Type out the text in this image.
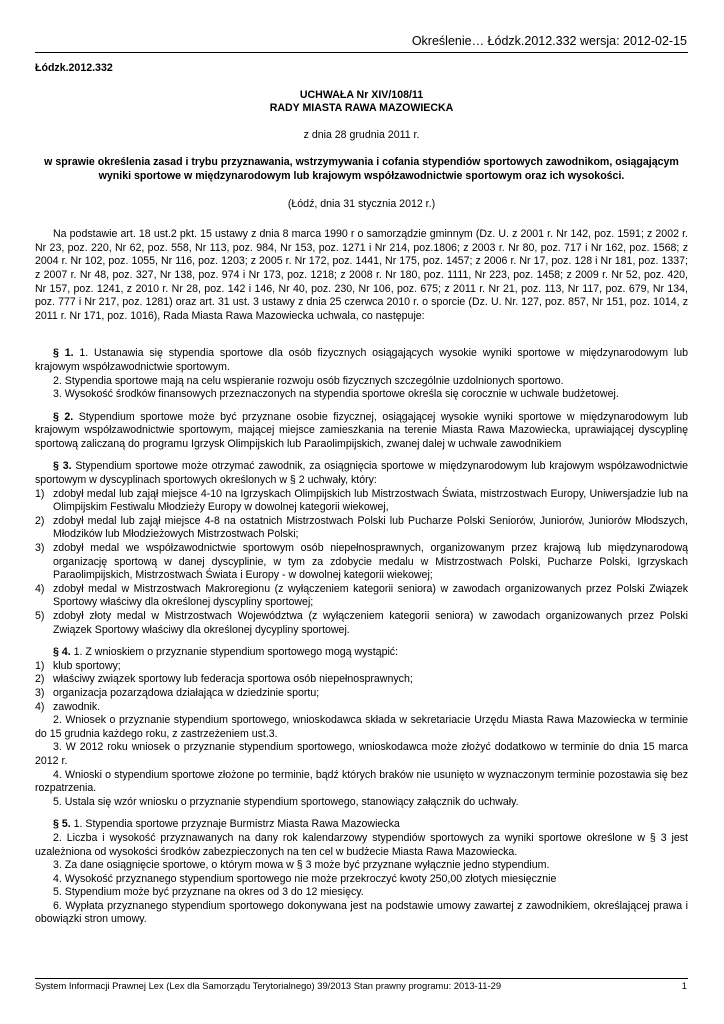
Określenie… Łódzk.2012.332 wersja: 2012-02-15

Łódzk.2012.332

UCHWAŁA Nr XIV/108/11

RADY MIASTA RAWA MAZOWIECKA

z dnia 28 grudnia 2011 r.

w sprawie określenia zasad i trybu przyznawania, wstrzymywania i cofania stypendiów sportowych zawodnikom, osiągającym wyniki sportowe w międzynarodowym lub krajowym współzawodnictwie sportowym oraz ich wysokości.

(Łódź, dnia 31 stycznia 2012 r.)

Na podstawie art. 18 ust.2 pkt. 15 ustawy z dnia 8 marca 1990 r o samorządzie gminnym (Dz. U. z 2001 r. Nr 142, poz. 1591; z 2002 r. Nr 23, poz. 220, Nr 62, poz. 558, Nr 113, poz. 984, Nr 153, poz. 1271 i Nr 214, poz.1806; z 2003 r. Nr 80, poz. 717 i Nr 162, poz. 1568; z 2004 r. Nr 102, poz. 1055, Nr 116, poz. 1203; z 2005 r. Nr 172, poz. 1441, Nr 175, poz. 1457; z 2006 r. Nr 17, poz. 128 i Nr 181, poz. 1337; z 2007 r. Nr 48, poz. 327, Nr 138, poz. 974 i Nr 173, poz. 1218; z 2008 r. Nr 180, poz. 1111, Nr 223, poz. 1458; z 2009 r. Nr 52, poz. 420, Nr 157, poz. 1241, z 2010 r. Nr 28, poz. 142 i 146, Nr 40, poz. 230, Nr 106, poz. 675; z 2011 r. Nr 21, poz. 113, Nr 117, poz. 679, Nr 134, poz. 777 i Nr 217, poz. 1281) oraz art. 31 ust. 3 ustawy z dnia 25 czerwca 2010 r. o sporcie (Dz. U. Nr. 127, poz. 857, Nr 151, poz. 1014, z 2011 r. Nr 171, poz. 1016), Rada Miasta Rawa Mazowiecka uchwala, co następuje:

§ 1. 1. Ustanawia się stypendia sportowe dla osób fizycznych osiągających wysokie wyniki sportowe w międzynarodowym lub krajowym współzawodnictwie sportowym.

2. Stypendia sportowe mają na celu wspieranie rozwoju osób fizycznych szczególnie uzdolnionych sportowo.

3. Wysokość środków finansowych przeznaczonych na stypendia sportowe określa się corocznie w uchwale budżetowej.

§ 2. Stypendium sportowe może być przyznane osobie fizycznej, osiągającej wysokie wyniki sportowe w międzynarodowym lub krajowym współzawodnictwie sportowym, mającej miejsce zamieszkania na terenie Miasta Rawa Mazowiecka, uprawiającej dyscyplinę sportową zaliczaną do programu Igrzysk Olimpijskich lub Paraolimpijskich, zwanej dalej w uchwale zawodnikiem

§ 3. Stypendium sportowe może otrzymać zawodnik, za osiągnięcia sportowe w międzynarodowym lub krajowym współzawodnictwie sportowym w dyscyplinach sportowych określonych w § 2 uchwały, który:

1) zdobył medal lub zajął miejsce 4-10 na Igrzyskach Olimpijskich lub Mistrzostwach Świata, mistrzostwach Europy, Uniwersjadzie lub na Olimpijskim Festiwalu Młodzieży Europy w dowolnej kategorii wiekowej,
2) zdobył medal lub zajął miejsce 4-8 na ostatnich Mistrzostwach Polski lub Pucharze Polski Seniorów, Juniorów, Juniorów Młodszych, Młodzików lub Młodzieżowych Mistrzostwach Polski;
3) zdobył medal we współzawodnictwie sportowym osób niepełnosprawnych, organizowanym przez krajową lub międzynarodową organizację sportową w danej dyscyplinie, w tym za zdobycie medalu w Mistrzostwach Polski, Pucharze Polski, Igrzyskach Paraolimpijskich, Mistrzostwach Świata i Europy - w dowolnej kategorii wiekowej;
4) zdobył medal w Mistrzostwach Makroregionu (z wyłączeniem kategorii seniora) w zawodach organizowanych przez Polski Związek Sportowy właściwy dla określonej dyscypliny sportowej;
5) zdobył złoty medal w Mistrzostwach Województwa (z wyłączeniem kategorii seniora) w zawodach organizowanych przez Polski Związek Sportowy właściwy dla określonej dycypliny sportowej.

§ 4. 1. Z wnioskiem o przyznanie stypendium sportowego mogą wystąpić:

1) klub sportowy;
2) właściwy związek sportowy lub federacja sportowa osób niepełnosprawnych;
3) organizacja pozarządowa działająca w dziedzinie sportu;
4) zawodnik.

2. Wniosek o przyznanie stypendium sportowego, wnioskodawca składa w sekretariacie Urzędu Miasta Rawa Mazowiecka w terminie do 15 grudnia każdego roku, z zastrzeżeniem ust.3.

3. W 2012 roku wniosek o przyznanie stypendium sportowego, wnioskodawca może złożyć dodatkowo w terminie do dnia 15 marca 2012 r.

4. Wnioski o stypendium sportowe złożone po terminie, bądź których braków nie usunięto w wyznaczonym terminie pozostawia się bez rozpatrzenia.

5. Ustala się wzór wniosku o przyznanie stypendium sportowego, stanowiący załącznik do uchwały.

§ 5. 1. Stypendia sportowe przyznaje Burmistrz Miasta Rawa Mazowiecka

2. Liczba i wysokość przyznawanych na dany rok kalendarzowy stypendiów sportowych za wyniki sportowe określone w § 3 jest uzależniona od wysokości środków zabezpieczonych na ten cel w budżecie Miasta Rawa Mazowiecka.

3. Za dane osiągnięcie sportowe, o którym mowa w § 3 może być przyznane wyłącznie jedno stypendium.

4. Wysokość przyznanego stypendium sportowego nie może przekroczyć kwoty 250,00 złotych miesięcznie

5. Stypendium może być przyznane na okres od 3 do 12 miesięcy.

6. Wypłata przyznanego stypendium sportowego dokonywana jest na podstawie umowy zawartej z zawodnikiem, określającej prawa i obowiązki stron umowy.

System Informacji Prawnej Lex (Lex dla Samorządu Terytorialnego) 39/2013 Stan prawny programu: 2013-11-29	1
